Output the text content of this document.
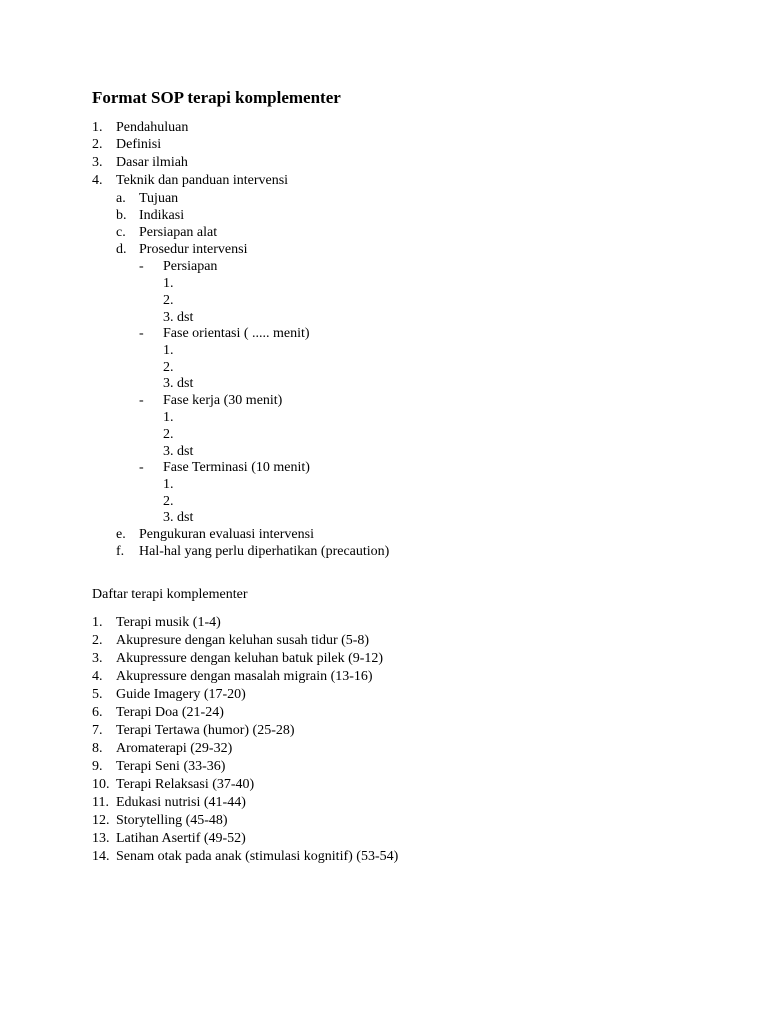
Format SOP terapi komplementer
1. Pendahuluan
2. Definisi
3. Dasar ilmiah
4. Teknik dan panduan intervensi
a. Tujuan
b. Indikasi
c. Persiapan alat
d. Prosedur intervensi
- Persiapan
1.
2.
3. dst
- Fase orientasi ( ..... menit)
1.
2.
3. dst
- Fase kerja (30 menit)
1.
2.
3. dst
- Fase Terminasi (10 menit)
1.
2.
3. dst
e. Pengukuran evaluasi intervensi
f. Hal-hal yang perlu diperhatikan (precaution)
Daftar terapi komplementer
1. Terapi musik (1-4)
2. Akupresure dengan keluhan susah tidur (5-8)
3. Akupressure dengan keluhan batuk pilek (9-12)
4. Akupressure dengan masalah migrain (13-16)
5. Guide Imagery (17-20)
6. Terapi Doa (21-24)
7. Terapi Tertawa (humor) (25-28)
8. Aromaterapi (29-32)
9. Terapi Seni (33-36)
10. Terapi Relaksasi (37-40)
11. Edukasi nutrisi (41-44)
12. Storytelling (45-48)
13. Latihan Asertif (49-52)
14. Senam otak pada anak (stimulasi kognitif) (53-54)
